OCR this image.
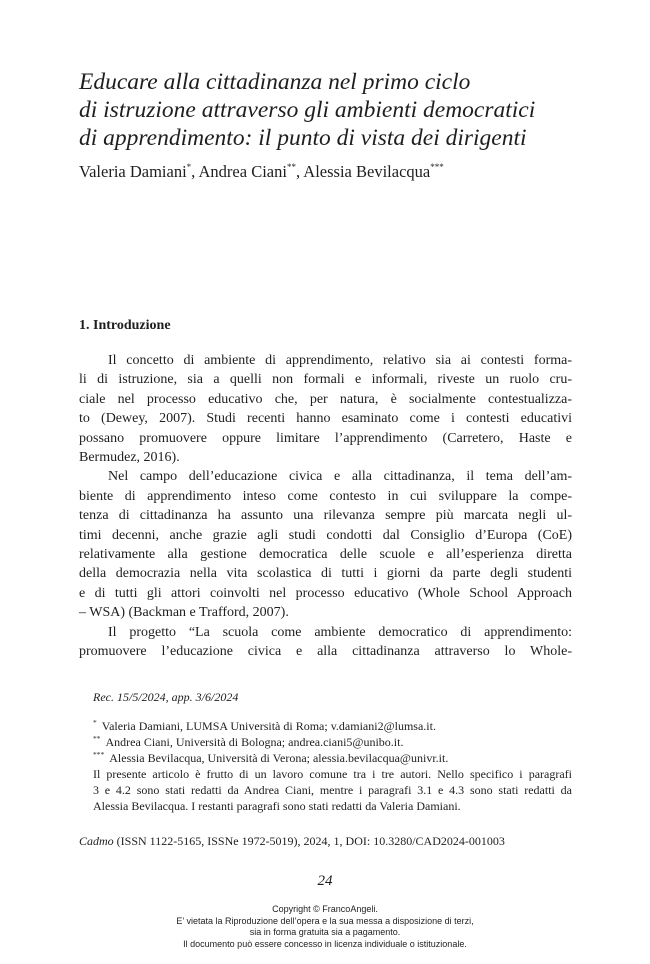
Educare alla cittadinanza nel primo ciclo
di istruzione attraverso gli ambienti democratici
di apprendimento: il punto di vista dei dirigenti
Valeria Damiani*, Andrea Ciani**, Alessia Bevilacqua***
1. Introduzione

Il concetto di ambiente di apprendimento, relativo sia ai contesti forma-
li di istruzione, sia a quelli non formali e informali, riveste un ruolo cru-
ciale nel processo educativo che, per natura, è socialmente contestualizza-
to (Dewey, 2007). Studi recenti hanno esaminato come i contesti educativi
possano promuovere oppure limitare l’apprendimento (Carretero, Haste e
Bermudez, 2016).

Nel campo dell’educazione civica e alla cittadinanza, il tema dell’am-
biente di apprendimento inteso come contesto in cui sviluppare la compe-
tenza di cittadinanza ha assunto una rilevanza sempre più marcata negli ul-
timi decenni, anche grazie agli studi condotti dal Consiglio d’Europa (CoE)
relativamente alla gestione democratica delle scuole e all’esperienza diretta
della democrazia nella vita scolastica di tutti i giorni da parte degli studenti
e di tutti gli attori coinvolti nel processo educativo (Whole School Approach
– WSA) (Backman e Trafford, 2007).

Il progetto “La scuola come ambiente democratico di apprendimento:
promuovere l’educazione civica e alla cittadinanza attraverso lo Whole-

Rec. 15/5/2024, app. 3/6/2024
* Valeria Damiani, LUMSA Università di Roma; v.damiani2@lumsa.it.
** Andrea Ciani, Università di Bologna; andrea.ciani5@unibo.it.
*** Alessia Bevilacqua, Università di Verona; alessia.bevilacqua@univr.it.
Il presente articolo è frutto di un lavoro comune tra i tre autori. Nello specifico i paragrafi
3 e 4.2 sono stati redatti da Andrea Ciani, mentre i paragrafi 3.1 e 4.3 sono stati redatti da
Alessia Bevilacqua. I restanti paragrafi sono stati redatti da Valeria Damiani.
Cadmo (ISSN 1122-5165, ISSNe 1972-5019), 2024, 1, DOI: 10.3280/CAD2024-001003
24
Copyright © FrancoAngeli.
E’ vietata la Riproduzione dell’opera e la sua messa a disposizione di terzi,
sia in forma gratuita sia a pagamento.
Il documento può essere concesso in licenza individuale o istituzionale.
